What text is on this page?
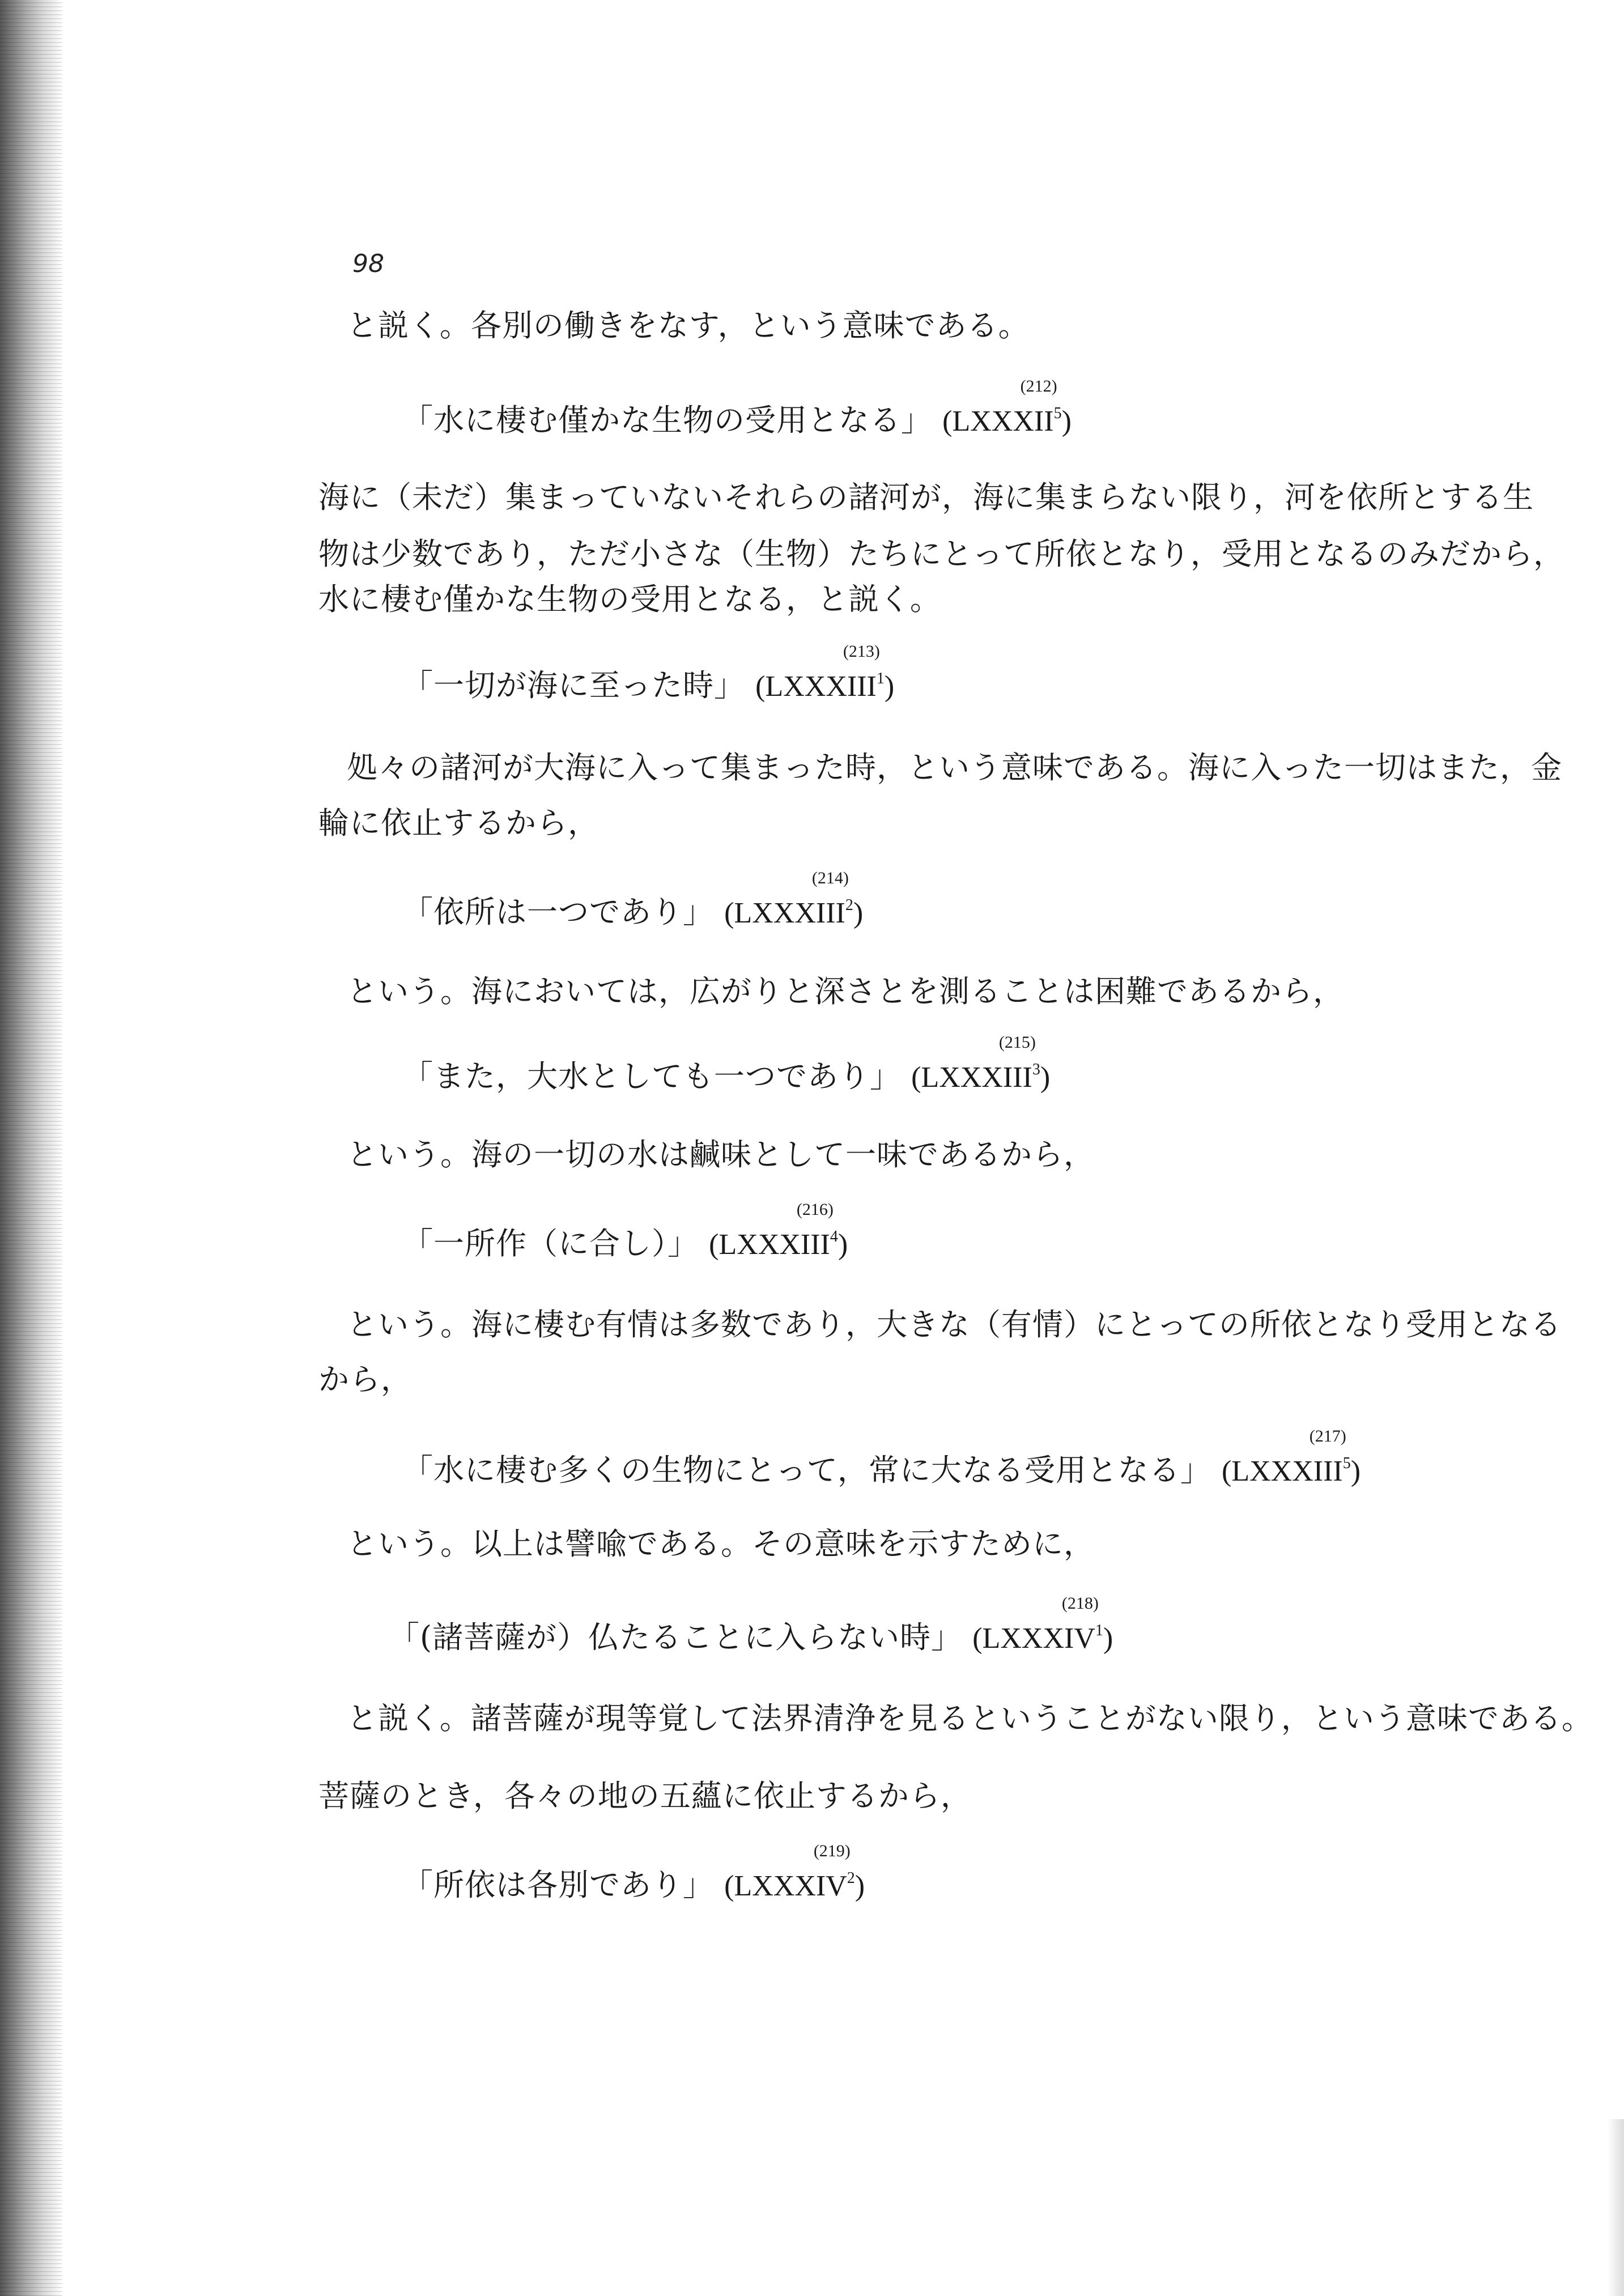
98
と説く。各別の働きをなす，という意味である。
「水に棲む僅かな生物の受用となる」 (LXXXII
(212)
$^5$)
海に（未だ）集まっていないそれらの諸河が，海に集まらない限り，河を依所とする生
物は少数であり，ただ小さな（生物）たちにとって所依となり，受用となるのみだから，
水に棲む僅かな生物の受用となる，と説く。
「一切が海に至った時」 (LXXXIII
(213)
$^1$)
処々の諸河が大海に入って集まった時，という意味である。海に入った一切はまた，金
輪に依止するから，
「依所は一つであり」 (LXXXIII
(214)
$^2$)
という。海においては，広がりと深さとを測ることは困難であるから，
「また，大水としても一つであり」 (LXXXIII
(215)
$^3$)
という。海の一切の水は鹹味として一味であるから，
「一所作（に合し）」 (LXXXIII
(216)
$^4$)
という。海に棲む有情は多数であり，大きな（有情）にとっての所依となり受用となる
から，
「水に棲む多くの生物にとって，常に大なる受用となる」 (LXXXIII
(217)
$^5$)
という。以上は譬喩である。その意味を示すために，
「(諸菩薩が）仏たることに入らない時」 (LXXXIV
(218)
$^1$)
と説く。諸菩薩が現等覚して法界清浄を見るということがない限り，という意味である。
菩薩のとき，各々の地の五蘊に依止するから，
「所依は各別であり」 (LXXXIV
(219)
$^2$)
